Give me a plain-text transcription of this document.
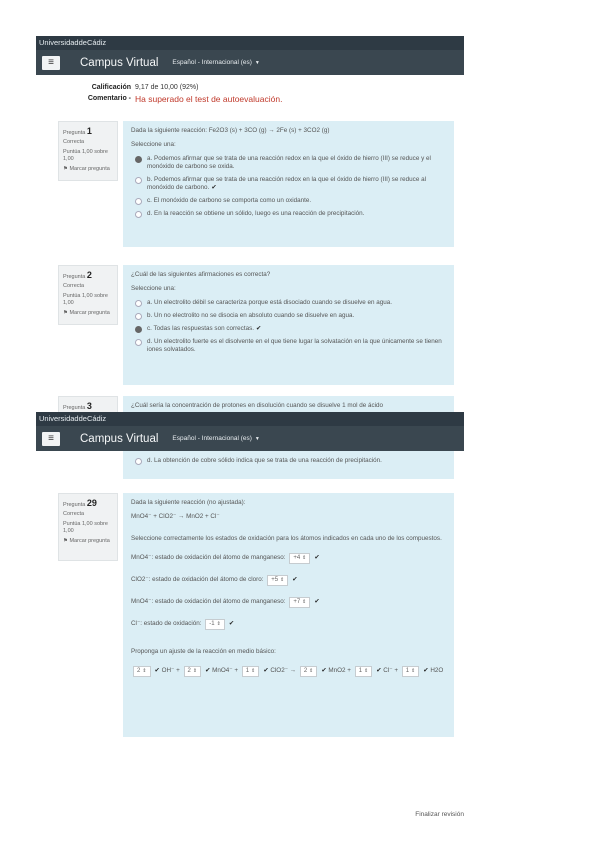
UniversidaddeCádiz
≡	Campus Virtual Español - Internacional (es) ▼
Calificación 9,17 de 10,00 (92%)
Comentario - Ha superado el test de autoevaluación.
Pregunta 1
Correcta
Puntúa 1,00 sobre 1,00
⚑ Marcar pregunta
Dada la siguiente reacción: Fe2O3 (s) + 3CO (g) → 2Fe (s) + 3CO2 (g)
Seleccione una:
a. Podemos afirmar que se trata de una reacción redox en la que el óxido de hierro (III) se reduce y el monóxido de carbono se oxida.
b. Podemos afirmar que se trata de una reacción redox en la que el óxido de hierro (III) se reduce al monóxido de carbono. ✔
c. El monóxido de carbono se comporta como un oxidante.
d. En la reacción se obtiene un sólido, luego es una reacción de precipitación.
Pregunta 2
Correcta
Puntúa 1,00 sobre 1,00
⚑ Marcar pregunta
¿Cuál de las siguientes afirmaciones es correcta?
Seleccione una:
a. Un electrolito débil se caracteriza porque está disociado cuando se disuelve en agua.
b. Un no electrolito no se disocia en absoluto cuando se disuelve en agua.
c. Todas las respuestas son correctas. ✔
d. Un electrolito fuerte es el disolvente en el que tiene lugar la solvatación en la que únicamente se tienen iones solvatados.
Pregunta 3	¿Cuál sería la concentración de protones en disolución cuando se disuelve 1 mol de ácido
UniversidaddeCádiz
≡	Campus Virtual Español - Internacional (es) ▼
d. La obtención de cobre sólido indica que se trata de una reacción de precipitación.
Pregunta 29
Correcta
Puntúa 1,00 sobre 1,00
⚑ Marcar pregunta
Dada la siguiente reacción (no ajustada):
MnO4⁻ + ClO2⁻ → MnO2 + Cl⁻
Seleccione correctamente los estados de oxidación para los átomos indicados en cada uno de los compuestos.
MnO4⁻: estado de oxidación del átomo de manganeso: +4 ⇕ ✔
ClO2⁻: estado de oxidación del átomo de cloro: +5 ⇕ ✔
MnO4⁻: estado de oxidación del átomo de manganeso: +7 ⇕ ✔
Cl⁻: estado de oxidación: -1 ⇕ ✔
Proponga un ajuste de la reacción en medio básico:
2 ⇕ ✔ OH⁻ + 2 ⇕ ✔ MnO4⁻ + 1 ⇕ ✔ ClO2⁻ → 2 ⇕ ✔ MnO2 + 1 ⇕ ✔ Cl⁻ + 1 ⇕ ✔ H2O
Finalizar revisión
